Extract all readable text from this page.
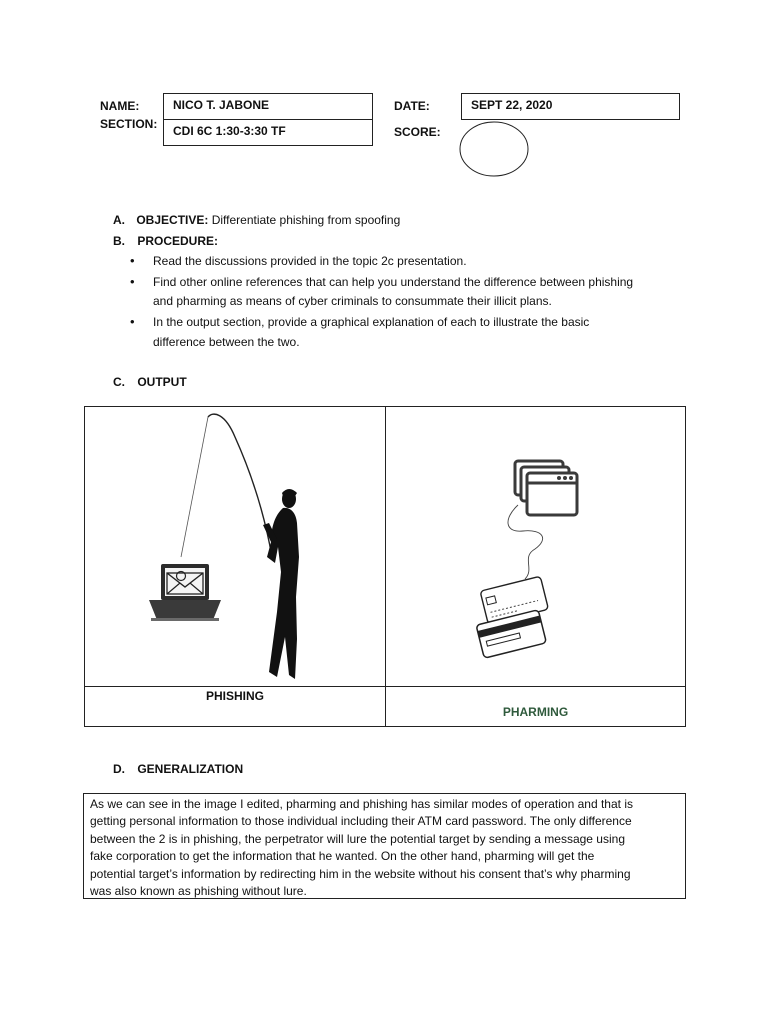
NAME:
SECTION:
NICO T. JABONE
CDI 6C 1:30-3:30 TF
DATE:
SCORE:
SEPT 22, 2020
A. OBJECTIVE: Differentiate phishing from spoofing
B. PROCEDURE:
• Read the discussions provided in the topic 2c presentation.
• Find other online references that can help you understand the difference between phishing
and pharming as means of cyber criminals to consummate their illicit plans.
• In the output section, provide a graphical explanation of each to illustrate the basic
difference between the two.
C. OUTPUT
PHISHING
PHARMING
D. GENERALIZATION
As we can see in the image I edited, pharming and phishing has similar modes of operation and that is
getting personal information to those individual including their ATM card password. The only difference
between the 2 is in phishing, the perpetrator will lure the potential target by sending a message using
fake corporation to get the information that he wanted. On the other hand, pharming will get the
potential target’s information by redirecting him in the website without his consent that’s why pharming
was also known as phishing without lure.
